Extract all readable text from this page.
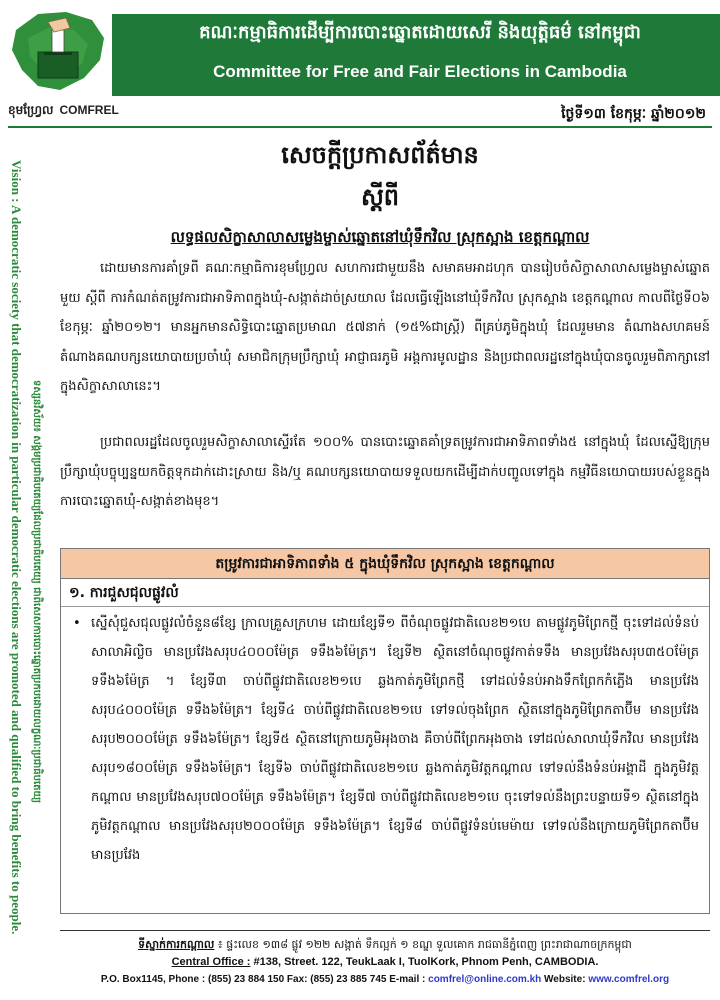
គណៈកម្មាធិការដើម្បីការបោះឆ្នោតដោយសេរី និងយុត្តិធម៌ នៅកម្ពុជា
Committee for Free and Fair Elections in Cambodia
ខុមហ្វ្រែល COMFREL	ថ្ងៃទី១៣ ខែកុម្ភៈ ឆ្នាំ២០១២
Vision : A democratic society that democratization in particular democratic elections are promoted and qualified to bring benefits to people. ទស្សនវិស័យ៖ សង្គមប្រជាធិបតេយ្យដែលប្រជាធិបតេយ្យ ជាពិសេសការបោះឆ្នោតប្រកបដោយលក្ខណៈប្រជាធិបតេយ្យ
សេចក្តីប្រកាសព័ត៌មាន
ស្តីពី
លទ្ធផលសិក្ខាសាលាសម្លេងម្ចាស់ឆ្នោតនៅឃុំទឹកវិល ស្រុកស្អាង ខេត្តកណ្តាល

ដោយមានការគាំទ្រពី គណៈកម្មាធិការខុមហ្វ្រែល សហការជាមួយនឹង សមាគមអាដហុក បានរៀបចំសិក្ខាសាលាសម្លេងម្ចាស់ឆ្នោតមួយ ស្តីពី ការកំណត់តម្រូវការជាអាទិភាពក្នុងឃុំ-សង្កាត់ដាច់ស្រយាល ដែលធ្វើឡើងនៅឃុំទឹកវិល ស្រុកស្អាង ខេត្តកណ្តាល កាលពីថ្ងៃទី០៦ ខែកុម្ភៈ ឆ្នាំ២០១២។ មានអ្នកមានសិទ្ធិបោះឆ្នោតប្រមាណ ៥៧នាក់ (១៥%ជាស្ត្រី) ពីគ្រប់ភូមិក្នុងឃុំ ដែលរួមមាន តំណាងសហគមន៍ តំណាងគណបក្សនយោបាយប្រចាំឃុំ សមាជិកក្រុមប្រឹក្សាឃុំ អាជ្ញាធរភូមិ អង្គការមូលដ្ឋាន និងប្រជាពលរដ្ឋនៅក្នុងឃុំបានចូលរួមពិភាក្សានៅក្នុងសិក្ខាសាលានេះ។

ប្រជាពលរដ្ឋដែលចូលរួមសិក្ខាសាលាស្ទើរតែ ១០០% បានបោះឆ្នោតគាំទ្រតម្រូវការជាអាទិភាពទាំង៥ នៅក្នុងឃុំ ដែលស្នើឱ្យក្រុមប្រឹក្សាឃុំបច្ចុប្បន្នយកចិត្តទុកដាក់ដោះស្រាយ និង/ឬ គណបក្សនយោបាយទទួលយកដើម្បីដាក់បញ្ចូលទៅក្នុង កម្មវិធីនយោបាយរបស់ខ្លួនក្នុងការបោះឆ្នោតឃុំ-សង្កាត់ខាងមុខ។

តម្រូវការជាអាទិភាពទាំង ៥ ក្នុងឃុំទឹកវិល ស្រុកស្អាង ខេត្តកណ្តាល
១. ការជួសជុលផ្លូវលំ
• ស្នើសុំជួសជុលផ្លូវលំចំនួន៨ខ្សែ ក្រាលគ្រួសក្រហម ដោយខ្សែទី១ ពីចំណុចផ្លូវជាតិលេខ២១បេ តាមផ្លូវភូមិព្រែកថ្មី ចុះទៅដល់ទំនប់សាលាអិល្លិច មានប្រវែងសរុប៤០០០ម៉ែត្រ ទទឹង៦ម៉ែត្រ។ ខ្សែទី២ ស្ថិតនៅចំណុចផ្លូវកាត់ទទឹង មានប្រវែងសរុប៣៥០ម៉ែត្រ ទទឹង៦ម៉ែត្រ ។ ខ្សែទី៣ ចាប់ពីផ្លូវជាតិលេខ២១បេ ឆ្លងកាត់ភូមិព្រែកថ្មី ទៅដល់ទំនប់អាងទឹកព្រែកកំភ្លើង មានប្រវែងសរុប៤០០០ម៉ែត្រ ទទឹង៦ម៉ែត្រ។ ខ្សែទី៤ ចាប់ពីផ្លូវជាតិលេខ២១បេ ទៅទល់ចុងព្រែក ស្ថិតនៅក្នុងភូមិព្រែកតាប៊ីម មានប្រវែងសរុប២០០០ម៉ែត្រ ទទឹង៦ម៉ែត្រ។ ខ្សែទី៥ ស្ថិតនៅក្រោយភូមិអុងចាង គឺចាប់ពីព្រែកអុងចាង ទៅដល់សាលាឃុំទឹកវិល មានប្រវែងសរុប១៨០០ម៉ែត្រ ទទឹង៦ម៉ែត្រ។ ខ្សែទី៦ ចាប់ពីផ្លូវជាតិលេខ២១បេ ឆ្លងកាត់ភូមិវត្តកណ្តាល ទៅទល់នឹងទំនប់អង្គាដី ក្នុងភូមិវត្តកណ្តាល មានប្រវែងសរុប៧០០ម៉ែត្រ ទទឹង៦ម៉ែត្រ។ ខ្សែទី៧ ចាប់ពីផ្លូវជាតិលេខ២១បេ ចុះទៅទល់នឹងព្រះបន្ទាយទី១ ស្ថិតនៅក្នុងភូមិវត្តកណ្តាល មានប្រវែងសរុប២០០០ម៉ែត្រ ទទឹង៦ម៉ែត្រ។ ខ្សែទី៨ ចាប់ពីផ្លូវទំនប់មេម៉ាយ ទៅទល់នឹងក្រោយភូមិព្រែកតាប៊ីម មានប្រវែង
ទីស្នាក់ការកណ្តាល ៖ ផ្ទះលេខ ១៣៨ ផ្លូវ ១២២ សង្កាត់ ទឹកល្អក់ ១ ខណ្ឌ ទួលគោក រាជធានីភ្នំពេញ ព្រះរាជាណាចក្រកម្ពុជា
Central Office : #138, Street. 122, TeukLaak I, TuolKork, Phnom Penh, CAMBODIA.
P.O. Box1145, Phone : (855) 23 884 150 Fax: (855) 23 885 745 E-mail : comfrel@online.com.kh Website: www.comfrel.org
